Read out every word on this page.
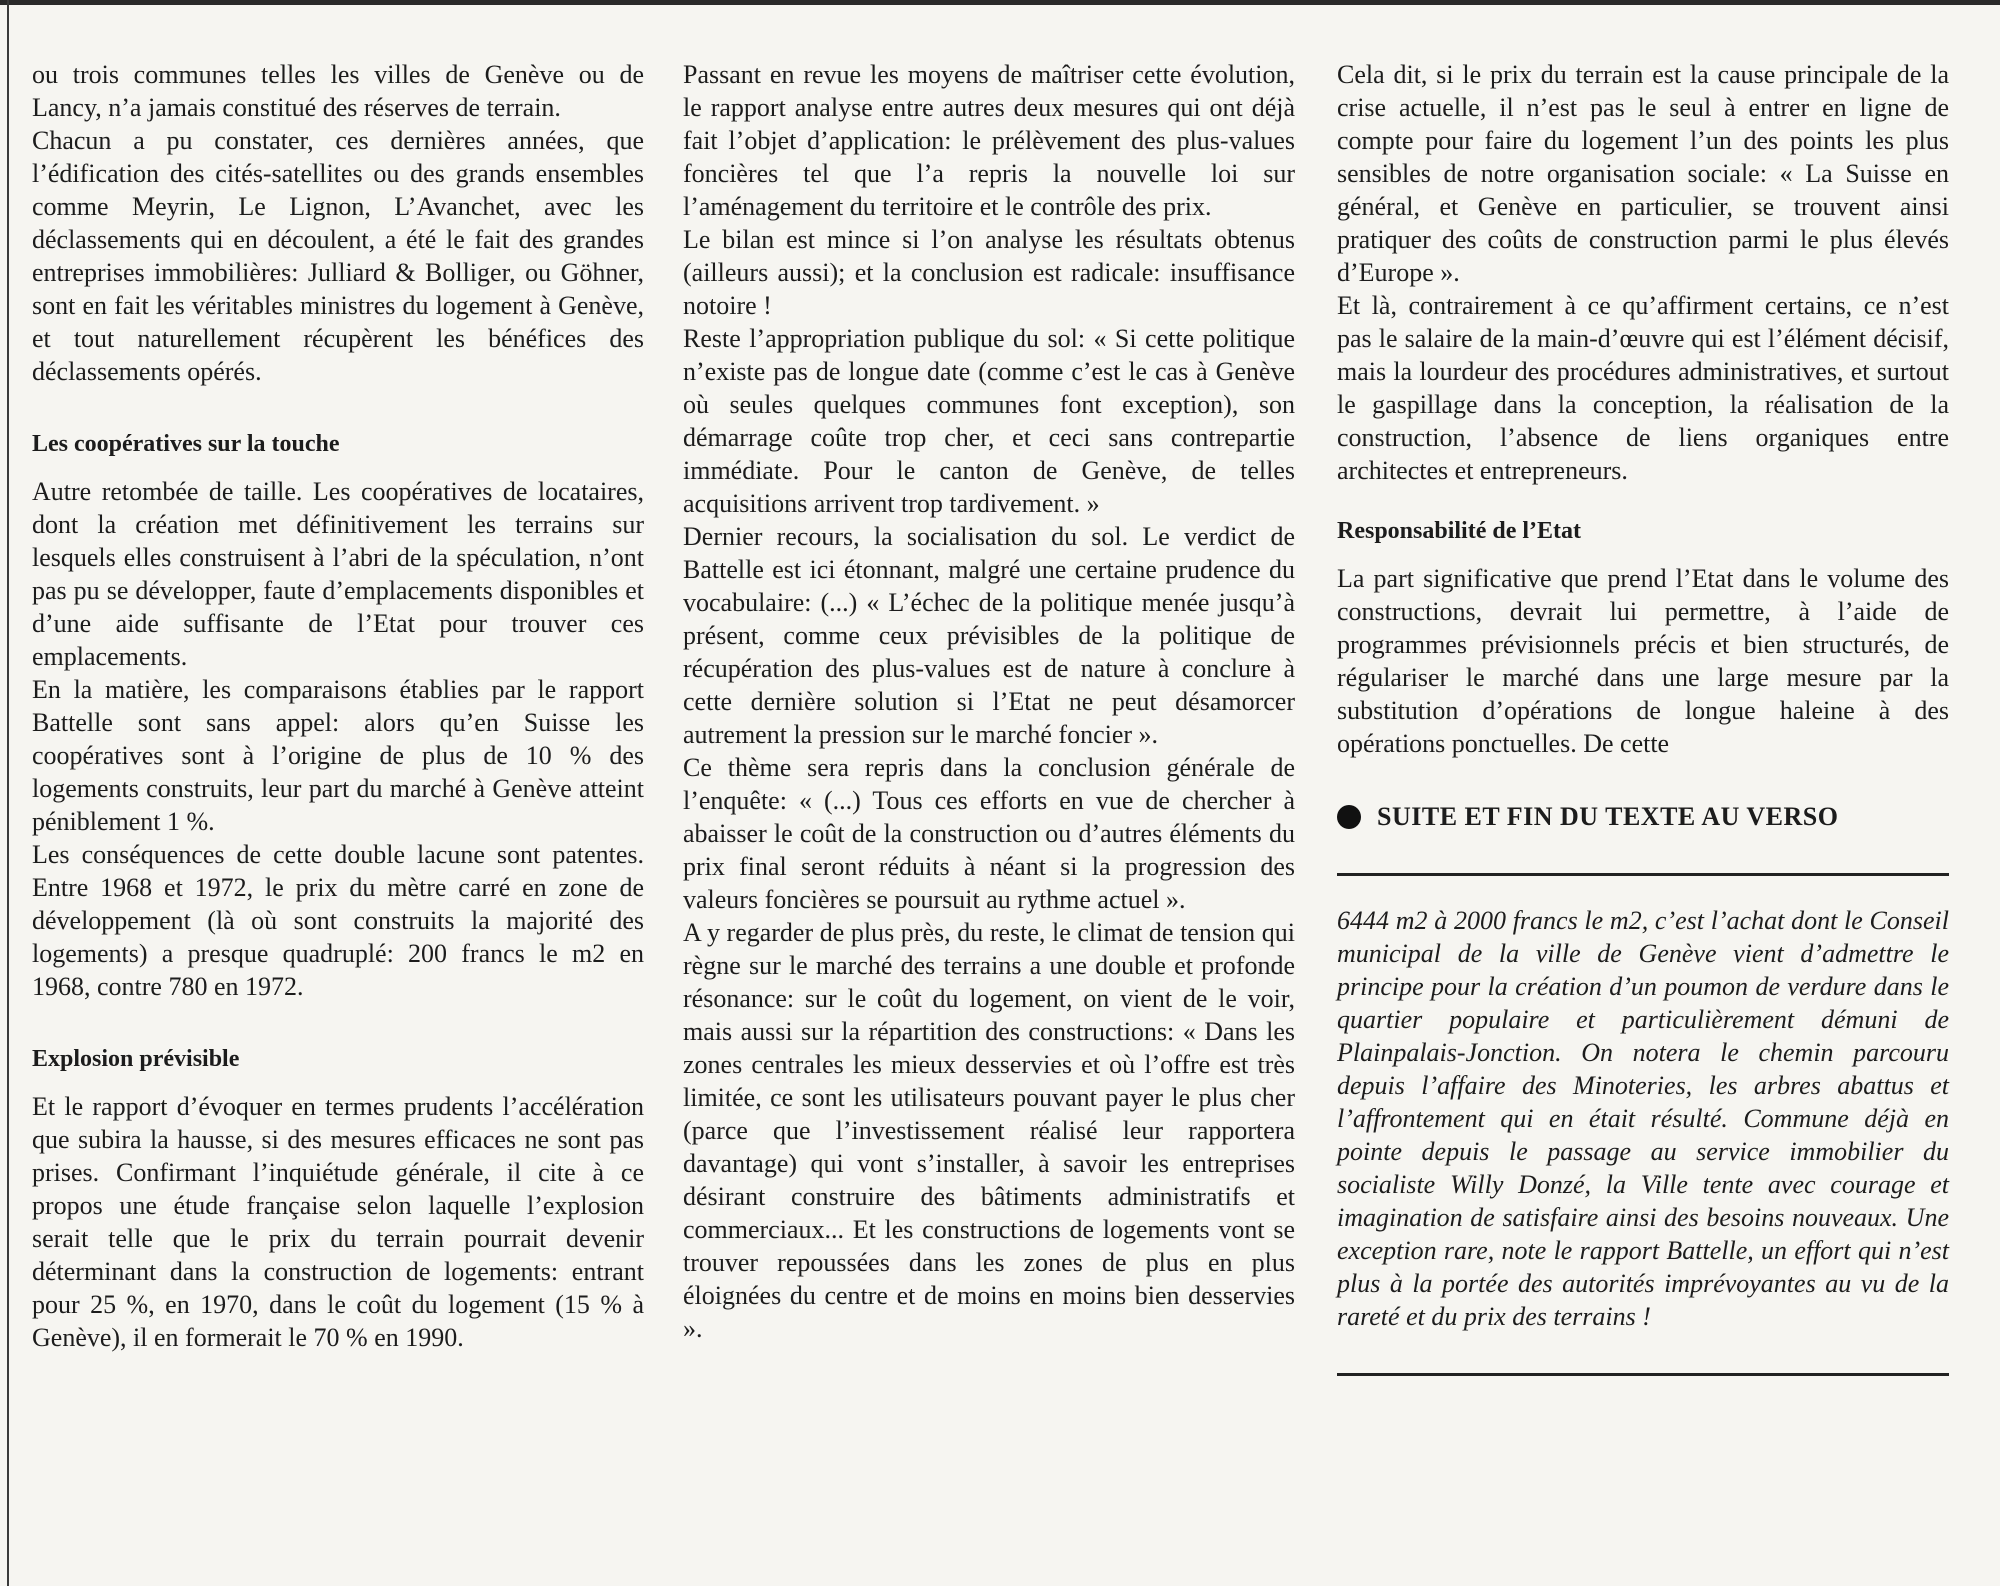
ou trois communes telles les villes de Genève ou de Lancy, n’a jamais constitué des réserves de terrain.

Chacun a pu constater, ces dernières années, que l’édification des cités-satellites ou des grands ensembles comme Meyrin, Le Lignon, L’Avanchet, avec les déclassements qui en découlent, a été le fait des grandes entreprises immobilières: Julliard & Bolliger, ou Göhner, sont en fait les véritables ministres du logement à Genève, et tout naturellement récupèrent les bénéfices des déclassements opérés.

Les coopératives sur la touche

Autre retombée de taille. Les coopératives de locataires, dont la création met définitivement les terrains sur lesquels elles construisent à l’abri de la spéculation, n’ont pas pu se développer, faute d’emplacements disponibles et d’une aide suffisante de l’Etat pour trouver ces emplacements.

En la matière, les comparaisons établies par le rapport Battelle sont sans appel: alors qu’en Suisse les coopératives sont à l’origine de plus de 10 % des logements construits, leur part du marché à Genève atteint péniblement 1 %.

Les conséquences de cette double lacune sont patentes. Entre 1968 et 1972, le prix du mètre carré en zone de développement (là où sont construits la majorité des logements) a presque quadruplé: 200 francs le m2 en 1968, contre 780 en 1972.

Explosion prévisible

Et le rapport d’évoquer en termes prudents l’accélération que subira la hausse, si des mesures efficaces ne sont pas prises. Confirmant l’inquiétude générale, il cite à ce propos une étude française selon laquelle l’explosion serait telle que le prix du terrain pourrait devenir déterminant dans la construction de logements: entrant pour 25 %, en 1970, dans le coût du logement (15 % à Genève), il en formerait le 70 % en 1990.

Passant en revue les moyens de maîtriser cette évolution, le rapport analyse entre autres deux mesures qui ont déjà fait l’objet d’application: le prélèvement des plus-values foncières tel que l’a repris la nouvelle loi sur l’aménagement du territoire et le contrôle des prix.

Le bilan est mince si l’on analyse les résultats obtenus (ailleurs aussi); et la conclusion est radicale: insuffisance notoire !

Reste l’appropriation publique du sol: « Si cette politique n’existe pas de longue date (comme c’est le cas à Genève où seules quelques communes font exception), son démarrage coûte trop cher, et ceci sans contrepartie immédiate. Pour le canton de Genève, de telles acquisitions arrivent trop tardivement. »

Dernier recours, la socialisation du sol. Le verdict de Battelle est ici étonnant, malgré une certaine prudence du vocabulaire: (...) « L’échec de la politique menée jusqu’à présent, comme ceux prévisibles de la politique de récupération des plus-values est de nature à conclure à cette dernière solution si l’Etat ne peut désamorcer autrement la pression sur le marché foncier ».

Ce thème sera repris dans la conclusion générale de l’enquête: « (...) Tous ces efforts en vue de chercher à abaisser le coût de la construction ou d’autres éléments du prix final seront réduits à néant si la progression des valeurs foncières se poursuit au rythme actuel ».

A y regarder de plus près, du reste, le climat de tension qui règne sur le marché des terrains a une double et profonde résonance: sur le coût du logement, on vient de le voir, mais aussi sur la répartition des constructions: « Dans les zones centrales les mieux desservies et où l’offre est très limitée, ce sont les utilisateurs pouvant payer le plus cher (parce que l’investissement réalisé leur rapportera davantage) qui vont s’installer, à savoir les entreprises désirant construire des bâtiments administratifs et commerciaux... Et les constructions de logements vont se trouver repoussées dans les zones de plus en plus éloignées du centre et de moins en moins bien desservies ».

Cela dit, si le prix du terrain est la cause principale de la crise actuelle, il n’est pas le seul à entrer en ligne de compte pour faire du logement l’un des points les plus sensibles de notre organisation sociale: « La Suisse en général, et Genève en particulier, se trouvent ainsi pratiquer des coûts de construction parmi le plus élevés d’Europe ».

Et là, contrairement à ce qu’affirment certains, ce n’est pas le salaire de la main-d’œuvre qui est l’élément décisif, mais la lourdeur des procédures administratives, et surtout le gaspillage dans la conception, la réalisation de la construction, l’absence de liens organiques entre architectes et entrepreneurs.

Responsabilité de l’Etat

La part significative que prend l’Etat dans le volume des constructions, devrait lui permettre, à l’aide de programmes prévisionnels précis et bien structurés, de régulariser le marché dans une large mesure par la substitution d’opérations de longue haleine à des opérations ponctuelles. De cette

SUITE ET FIN DU TEXTE AU VERSO

6444 m2 à 2000 francs le m2, c’est l’achat dont le Conseil municipal de la ville de Genève vient d’admettre le principe pour la création d’un poumon de verdure dans le quartier populaire et particulièrement démuni de Plainpalais-Jonction. On notera le chemin parcouru depuis l’affaire des Minoteries, les arbres abattus et l’affrontement qui en était résulté. Commune déjà en pointe depuis le passage au service immobilier du socialiste Willy Donzé, la Ville tente avec courage et imagination de satisfaire ainsi des besoins nouveaux. Une exception rare, note le rapport Battelle, un effort qui n’est plus à la portée des autorités imprévoyantes au vu de la rareté et du prix des terrains !
